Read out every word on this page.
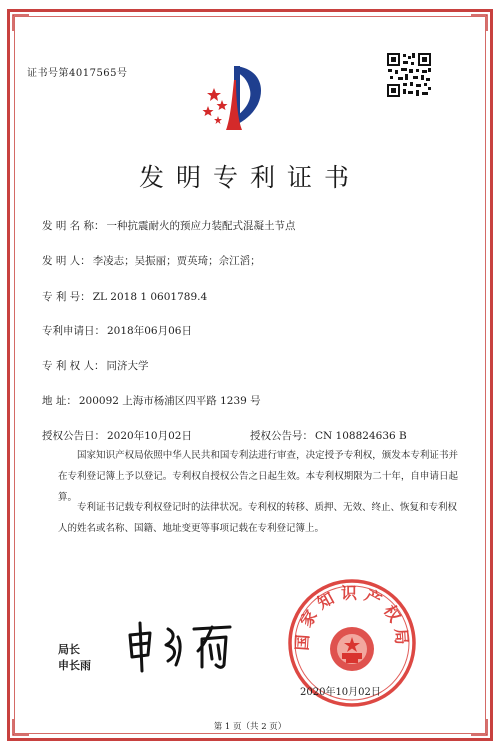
证书号第4017565号
发明专利证书
发 明 名 称： 一种抗震耐火的预应力装配式混凝土节点
发 明 人： 李凌志；吴振丽；贾英琦；佘江滔；
专 利 号： ZL 2018 1 0601789.4
专利申请日： 2018年06月06日
专 利 权 人： 同济大学
地 址： 200092 上海市杨浦区四平路 1239 号
授权公告日： 2020年10月02日	授权公告号： CN 108824636 B
国家知识产权局依照中华人民共和国专利法进行审查，决定授予专利权，颁发本专利证书并在专利登记簿上予以登记。专利权自授权公告之日起生效。本专利权期限为二十年，自申请日起算。
专利证书记载专利权登记时的法律状况。专利权的转移、质押、无效、终止、恢复和专利权人的姓名或名称、国籍、地址变更等事项记载在专利登记簿上。
局长
申长雨
国家知识产权局
2020年10月02日
第 1 页（共 2 页）
